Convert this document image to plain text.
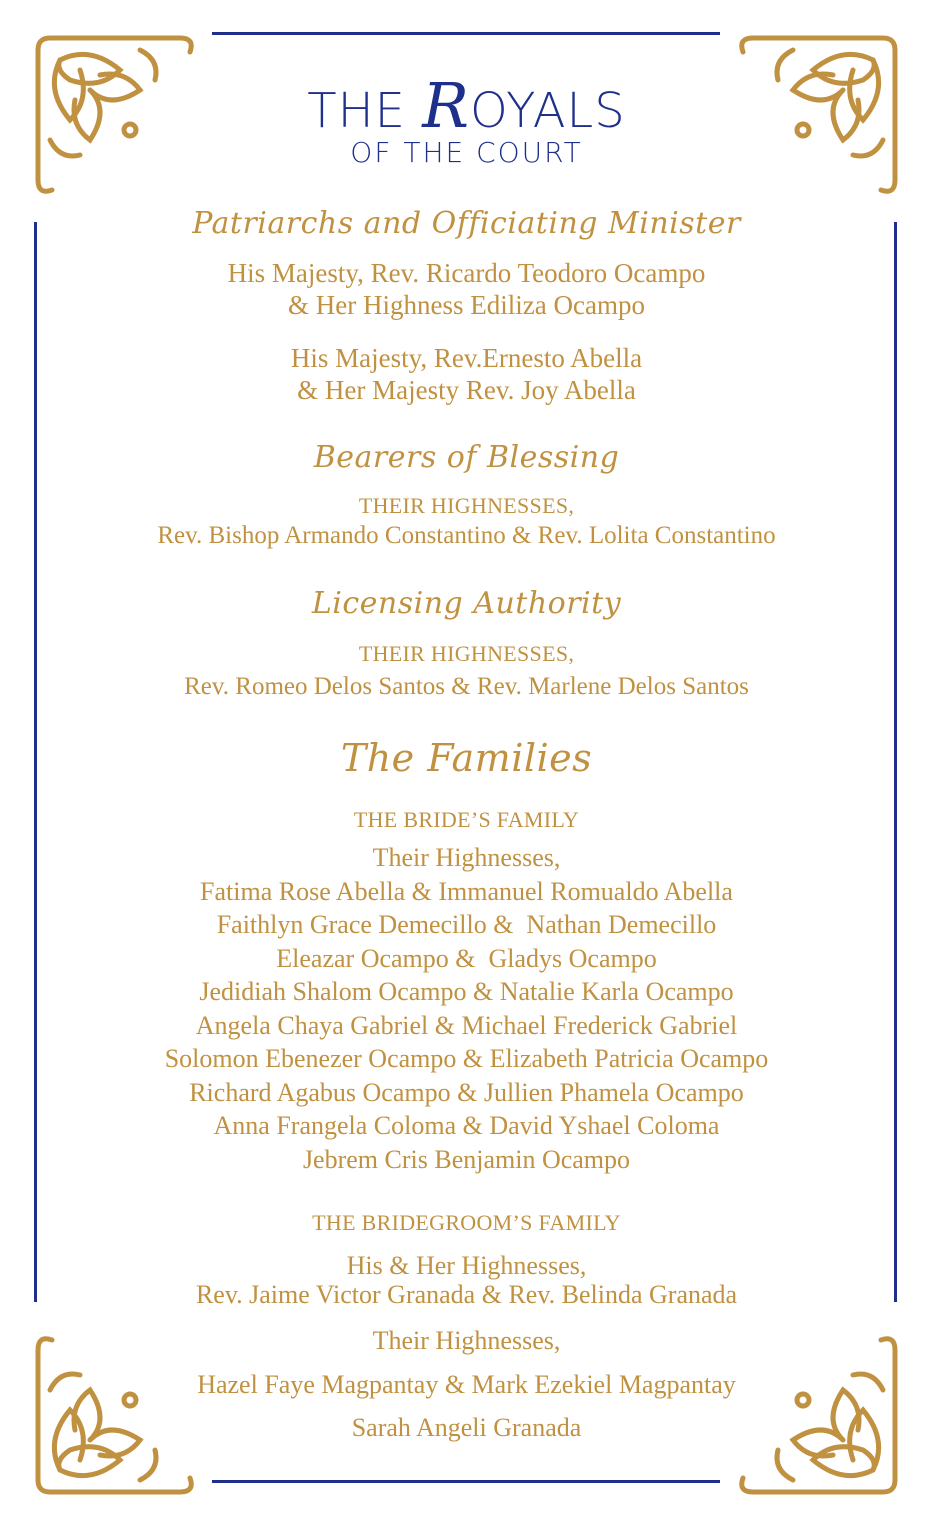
THE ROYALS
OF THE COURT
Patriarchs and Officiating Minister
His Majesty, Rev. Ricardo Teodoro Ocampo
& Her Highness Ediliza Ocampo
His Majesty, Rev.Ernesto Abella
& Her Majesty Rev. Joy Abella
Bearers of Blessing
THEIR HIGHNESSES,
Rev. Bishop Armando Constantino & Rev. Lolita Constantino
Licensing Authority
THEIR HIGHNESSES,
Rev. Romeo Delos Santos & Rev. Marlene Delos Santos
The Families
THE BRIDE’S FAMILY
Their Highnesses,
Fatima Rose Abella & Immanuel Romualdo Abella
Faithlyn Grace Demecillo &  Nathan Demecillo
Eleazar Ocampo &  Gladys Ocampo
Jedidiah Shalom Ocampo & Natalie Karla Ocampo
Angela Chaya Gabriel & Michael Frederick Gabriel
Solomon Ebenezer Ocampo & Elizabeth Patricia Ocampo
Richard Agabus Ocampo & Jullien Phamela Ocampo
Anna Frangela Coloma & David Yshael Coloma
Jebrem Cris Benjamin Ocampo
THE BRIDEGROOM’S FAMILY
His & Her Highnesses,
Rev. Jaime Victor Granada & Rev. Belinda Granada
Their Highnesses,
Hazel Faye Magpantay & Mark Ezekiel Magpantay
Sarah Angeli Granada
